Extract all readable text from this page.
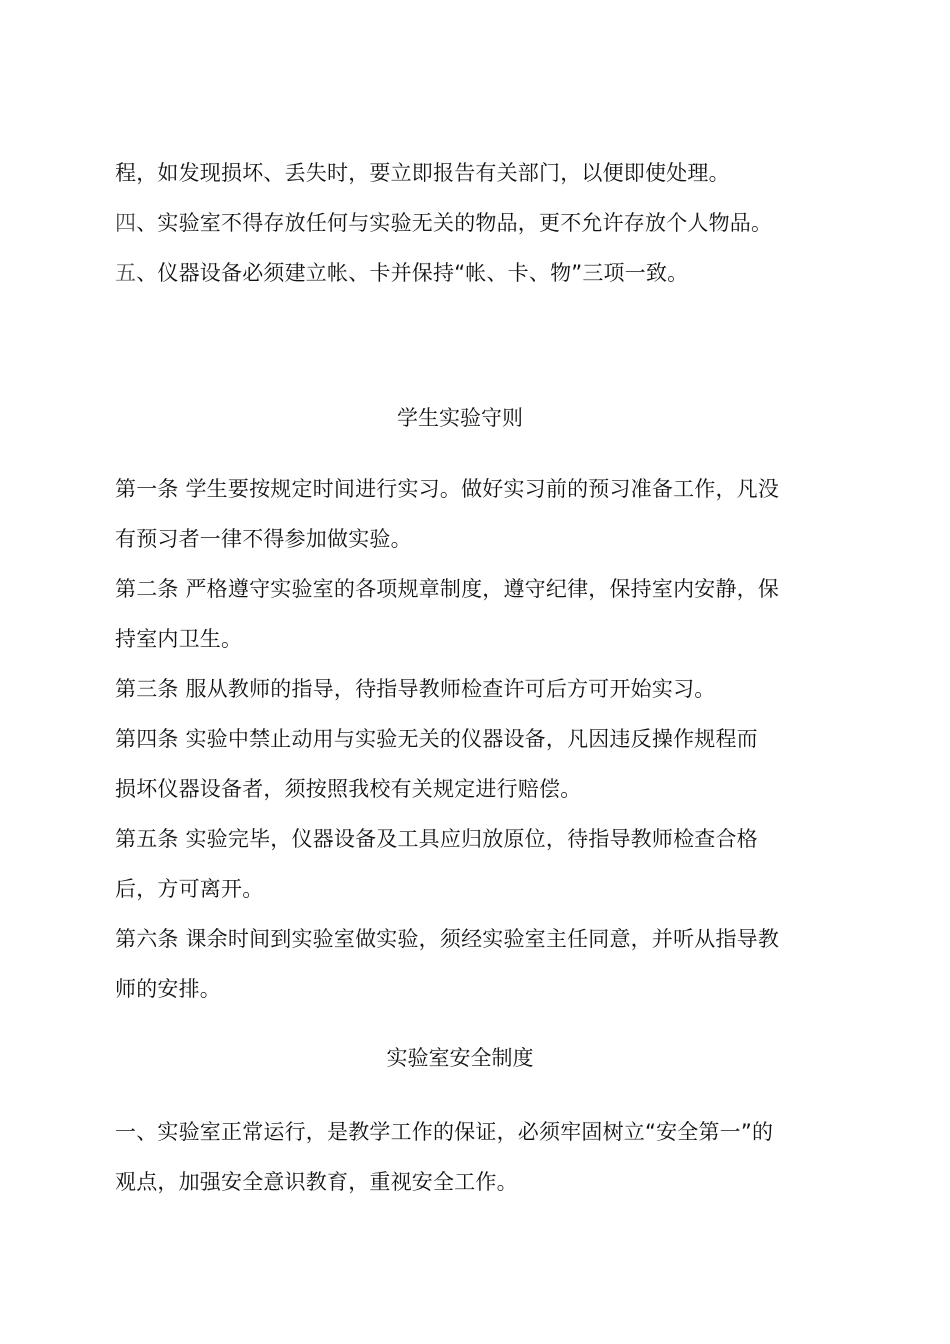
程，如发现损坏、丢失时，要立即报告有关部门，以便即使处理。
四、实验室不得存放任何与实验无关的物品，更不允许存放个人物品。
五、仪器设备必须建立帐、卡并保持“帐、卡、物”三项一致。
学生实验守则
第一条 学生要按规定时间进行实习。做好实习前的预习准备工作，凡没
有预习者一律不得参加做实验。
第二条 严格遵守实验室的各项规章制度，遵守纪律，保持室内安静，保
持室内卫生。
第三条 服从教师的指导，待指导教师检查许可后方可开始实习。
第四条 实验中禁止动用与实验无关的仪器设备，凡因违反操作规程而
损坏仪器设备者，须按照我校有关规定进行赔偿。
第五条 实验完毕，仪器设备及工具应归放原位，待指导教师检查合格
后，方可离开。
第六条 课余时间到实验室做实验，须经实验室主任同意，并听从指导教
师的安排。
实验室安全制度
一、实验室正常运行，是教学工作的保证，必须牢固树立“安全第一”的
观点，加强安全意识教育，重视安全工作。
